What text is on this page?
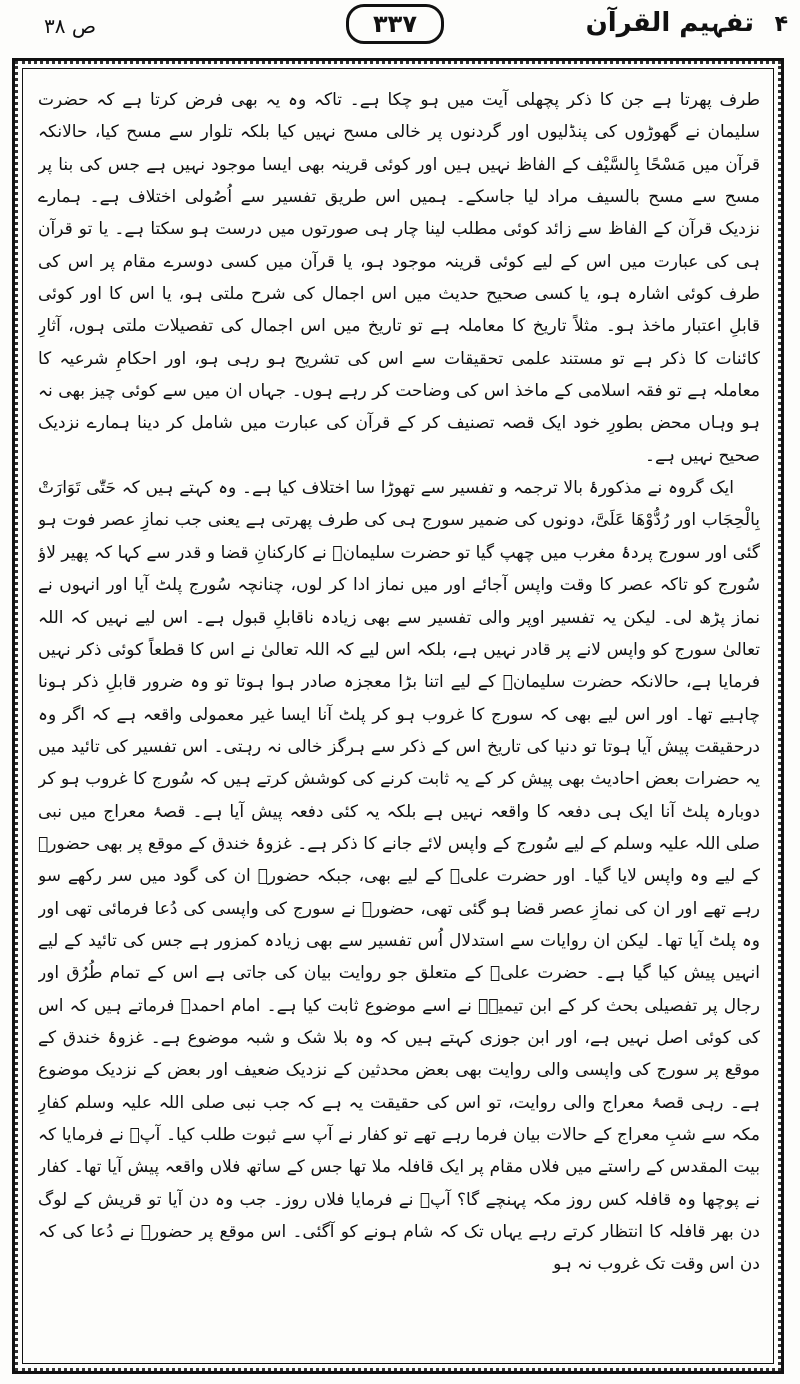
۴
تفہیم القرآن
۳۳۷
ص ۳۸

طرف پھرتا ہے جن کا ذکر پچھلی آیت میں ہو چکا ہے۔ تاکہ وہ یہ بھی فرض کرتا ہے کہ حضرت سلیمان نے گھوڑوں کی پنڈلیوں اور گردنوں پر خالی مسح نہیں کیا بلکہ تلوار سے مسح کیا، حالانکہ قرآن میں مَسْحًا بِالسَّیْف کے الفاظ نہیں ہیں اور کوئی قرینہ بھی ایسا موجود نہیں ہے جس کی بنا پر مسح سے مسح بالسیف مراد لیا جاسکے۔ ہمیں اس طریق تفسیر سے اُصُولی اختلاف ہے۔ ہمارے نزدیک قرآن کے الفاظ سے زائد کوئی مطلب لینا چار ہی صورتوں میں درست ہو سکتا ہے۔ یا تو قرآن ہی کی عبارت میں اس کے لیے کوئی قرینہ موجود ہو، یا قرآن میں کسی دوسرے مقام پر اس کی طرف کوئی اشارہ ہو، یا کسی صحیح حدیث میں اس اجمال کی شرح ملتی ہو، یا اس کا اور کوئی قابلِ اعتبار ماخذ ہو۔ مثلاً تاریخ کا معاملہ ہے تو تاریخ میں اس اجمال کی تفصیلات ملتی ہوں، آثارِ کائنات کا ذکر ہے تو مستند علمی تحقیقات سے اس کی تشریح ہو رہی ہو، اور احکامِ شرعیہ کا معاملہ ہے تو فقہ اسلامی کے ماخذ اس کی وضاحت کر رہے ہوں۔ جہاں ان میں سے کوئی چیز بھی نہ ہو وہاں محض بطورِ خود ایک قصہ تصنیف کر کے قرآن کی عبارت میں شامل کر دینا ہمارے نزدیک صحیح نہیں ہے۔

ایک گروہ نے مذکورۂ بالا ترجمہ و تفسیر سے تھوڑا سا اختلاف کیا ہے۔ وہ کہتے ہیں کہ حَتّٰی تَوَارَتْ بِالْحِجَاب اور رُدُّوْهَا عَلَیَّ، دونوں کی ضمیر سورج ہی کی طرف پھرتی ہے یعنی جب نمازِ عصر فوت ہو گئی اور سورج پردۂ مغرب میں چھپ گیا تو حضرت سلیمانؑ نے کارکنانِ قضا و قدر سے کہا کہ پھیر لاؤ سُورج کو تاکہ عصر کا وقت واپس آجائے اور میں نماز ادا کر لوں، چنانچہ سُورج پلٹ آیا اور انہوں نے نماز پڑھ لی۔ لیکن یہ تفسیر اوپر والی تفسیر سے بھی زیادہ ناقابلِ قبول ہے۔ اس لیے نہیں کہ اللہ تعالیٰ سورج کو واپس لانے پر قادر نہیں ہے، بلکہ اس لیے کہ اللہ تعالیٰ نے اس کا قطعاً کوئی ذکر نہیں فرمایا ہے، حالانکہ حضرت سلیمانؑ کے لیے اتنا بڑا معجزہ صادر ہوا ہوتا تو وہ ضرور قابلِ ذکر ہونا چاہیے تھا۔ اور اس لیے بھی کہ سورج کا غروب ہو کر پلٹ آنا ایسا غیر معمولی واقعہ ہے کہ اگر وہ درحقیقت پیش آیا ہوتا تو دنیا کی تاریخ اس کے ذکر سے ہرگز خالی نہ رہتی۔ اس تفسیر کی تائید میں یہ حضرات بعض احادیث بھی پیش کر کے یہ ثابت کرنے کی کوشش کرتے ہیں کہ سُورج کا غروب ہو کر دوبارہ پلٹ آنا ایک ہی دفعہ کا واقعہ نہیں ہے بلکہ یہ کئی دفعہ پیش آیا ہے۔ قصۂ معراج میں نبی صلی اللہ علیہ وسلم کے لیے سُورج کے واپس لائے جانے کا ذکر ہے۔ غزوۂ خندق کے موقع پر بھی حضورؐ کے لیے وہ واپس لایا گیا۔ اور حضرت علیؓ کے لیے بھی، جبکہ حضورؐ ان کی گود میں سر رکھے سو رہے تھے اور ان کی نمازِ عصر قضا ہو گئی تھی، حضورؐ نے سورج کی واپسی کی دُعا فرمائی تھی اور وہ پلٹ آیا تھا۔ لیکن ان روایات سے استدلال اُس تفسیر سے بھی زیادہ کمزور ہے جس کی تائید کے لیے انہیں پیش کیا گیا ہے۔ حضرت علیؓ کے متعلق جو روایت بیان کی جاتی ہے اس کے تمام طُرُق اور رجال پر تفصیلی بحث کر کے ابن تیمیہؒ نے اسے موضوع ثابت کیا ہے۔ امام احمدؒ فرماتے ہیں کہ اس کی کوئی اصل نہیں ہے، اور ابن جوزی کہتے ہیں کہ وہ بلا شک و شبہ موضوع ہے۔ غزوۂ خندق کے موقع پر سورج کی واپسی والی روایت بھی بعض محدثین کے نزدیک ضعیف اور بعض کے نزدیک موضوع ہے۔ رہی قصۂ معراج والی روایت، تو اس کی حقیقت یہ ہے کہ جب نبی صلی اللہ علیہ وسلم کفارِ مکہ سے شبِ معراج کے حالات بیان فرما رہے تھے تو کفار نے آپ سے ثبوت طلب کیا۔ آپؐ نے فرمایا کہ بیت المقدس کے راستے میں فلاں مقام پر ایک قافلہ ملا تھا جس کے ساتھ فلاں واقعہ پیش آیا تھا۔ کفار نے پوچھا وہ قافلہ کس روز مکہ پہنچے گا؟ آپؐ نے فرمایا فلاں روز۔ جب وہ دن آیا تو قریش کے لوگ دن بھر قافلہ کا انتظار کرتے رہے یہاں تک کہ شام ہونے کو آگئی۔ اس موقع پر حضورؐ نے دُعا کی کہ دن اس وقت تک غروب نہ ہو
